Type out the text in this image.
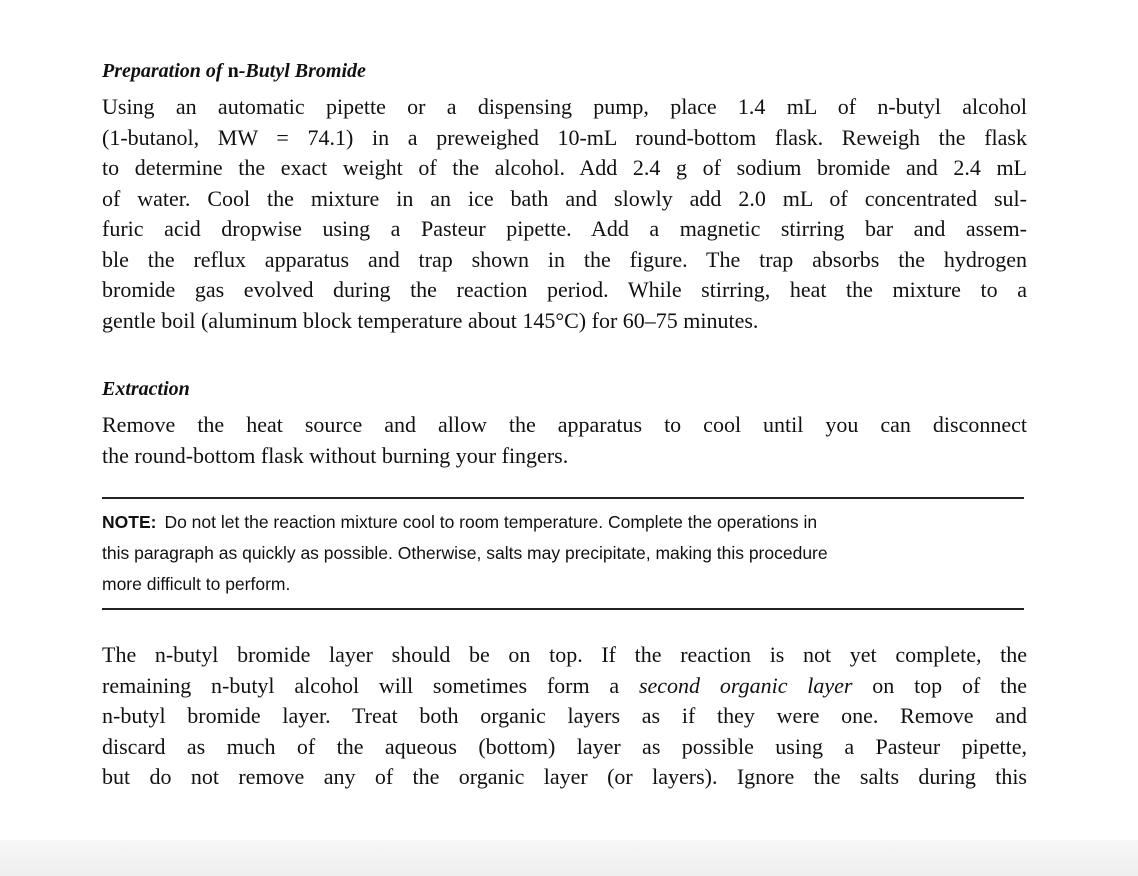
Preparation of n-Butyl Bromide

Using an automatic pipette or a dispensing pump, place 1.4 mL of n-butyl alcohol
(1-butanol, MW = 74.1) in a preweighed 10-mL round-bottom flask. Reweigh the flask
to determine the exact weight of the alcohol. Add 2.4 g of sodium bromide and 2.4 mL
of water. Cool the mixture in an ice bath and slowly add 2.0 mL of concentrated sul-
furic acid dropwise using a Pasteur pipette. Add a magnetic stirring bar and assem-
ble the reflux apparatus and trap shown in the figure. The trap absorbs the hydrogen
bromide gas evolved during the reaction period. While stirring, heat the mixture to a
gentle boil (aluminum block temperature about 145°C) for 60–75 minutes.

Extraction

Remove the heat source and allow the apparatus to cool until you can disconnect
the round-bottom flask without burning your fingers.

NOTE: Do not let the reaction mixture cool to room temperature. Complete the operations in
this paragraph as quickly as possible. Otherwise, salts may precipitate, making this procedure
more difficult to perform.

The n-butyl bromide layer should be on top. If the reaction is not yet complete, the
remaining n-butyl alcohol will sometimes form a second organic layer on top of the
n-butyl bromide layer. Treat both organic layers as if they were one. Remove and
discard as much of the aqueous (bottom) layer as possible using a Pasteur pipette,
but do not remove any of the organic layer (or layers). Ignore the salts during this
